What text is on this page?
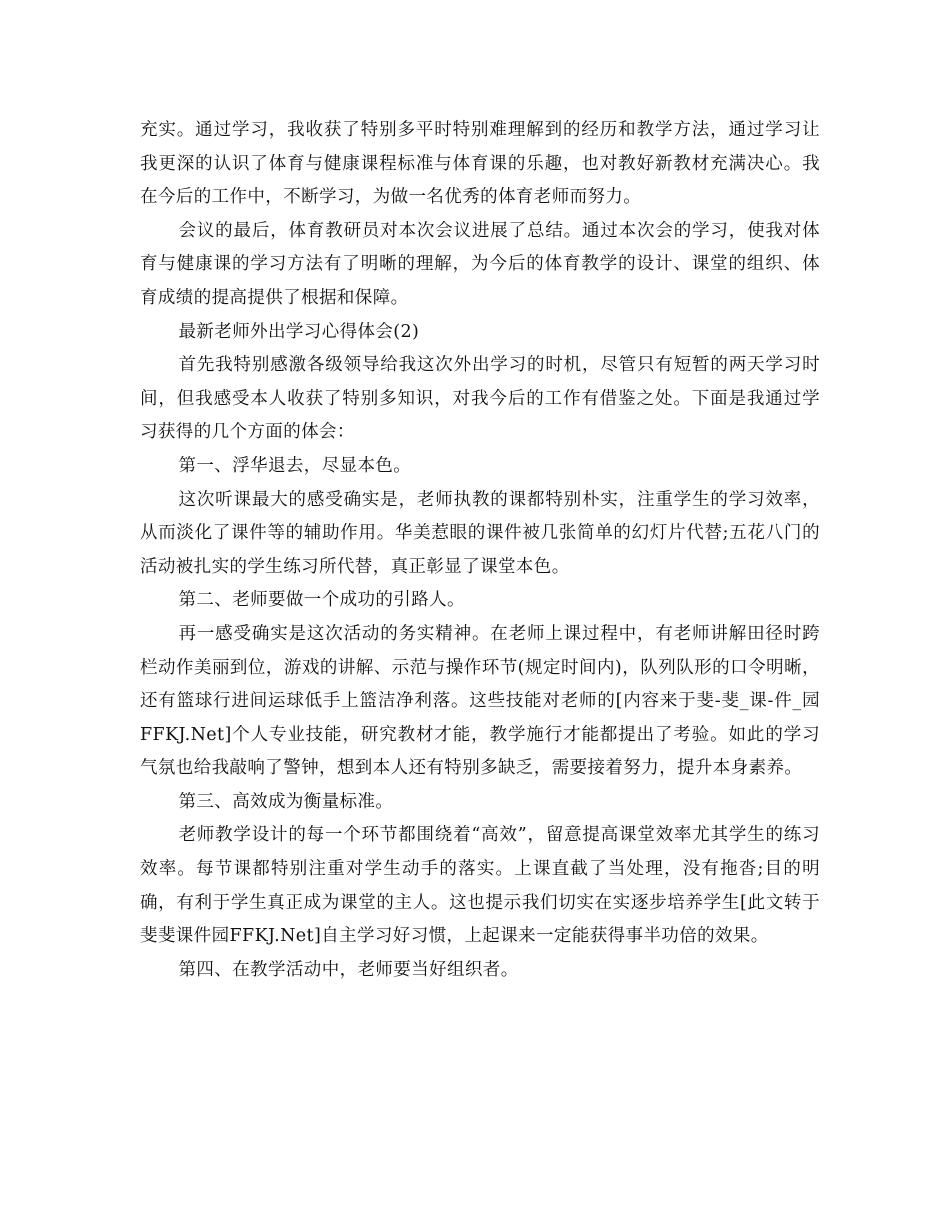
充实。通过学习，我收获了特别多平时特别难理解到的经历和教学方法，通过学习让我更深的认识了体育与健康课程标准与体育课的乐趣，也对教好新教材充满决心。我在今后的工作中，不断学习，为做一名优秀的体育老师而努力。

会议的最后，体育教研员对本次会议进展了总结。通过本次会的学习，使我对体育与健康课的学习方法有了明晰的理解，为今后的体育教学的设计、课堂的组织、体育成绩的提高提供了根据和保障。

最新老师外出学习心得体会(2)

首先我特别感激各级领导给我这次外出学习的时机，尽管只有短暂的两天学习时间，但我感受本人收获了特别多知识，对我今后的工作有借鉴之处。下面是我通过学习获得的几个方面的体会：

第一、浮华退去，尽显本色。

这次听课最大的感受确实是，老师执教的课都特别朴实，注重学生的学习效率，从而淡化了课件等的辅助作用。华美惹眼的课件被几张简单的幻灯片代替;五花八门的活动被扎实的学生练习所代替，真正彰显了课堂本色。

第二、老师要做一个成功的引路人。

再一感受确实是这次活动的务实精神。在老师上课过程中，有老师讲解田径时跨栏动作美丽到位，游戏的讲解、示范与操作环节(规定时间内)，队列队形的口令明晰，还有篮球行进间运球低手上篮洁净利落。这些技能对老师的[内容来于斐-斐_课-件_园FFKJ.Net]个人专业技能，研究教材才能，教学施行才能都提出了考验。如此的学习气氛也给我敲响了警钟，想到本人还有特别多缺乏，需要接着努力，提升本身素养。

第三、高效成为衡量标准。

老师教学设计的每一个环节都围绕着“高效”，留意提高课堂效率尤其学生的练习效率。每节课都特别注重对学生动手的落实。上课直截了当处理，没有拖沓;目的明确，有利于学生真正成为课堂的主人。这也提示我们切实在实逐步培养学生[此文转于斐斐课件园FFKJ.Net]自主学习好习惯，上起课来一定能获得事半功倍的效果。

第四、在教学活动中，老师要当好组织者。
